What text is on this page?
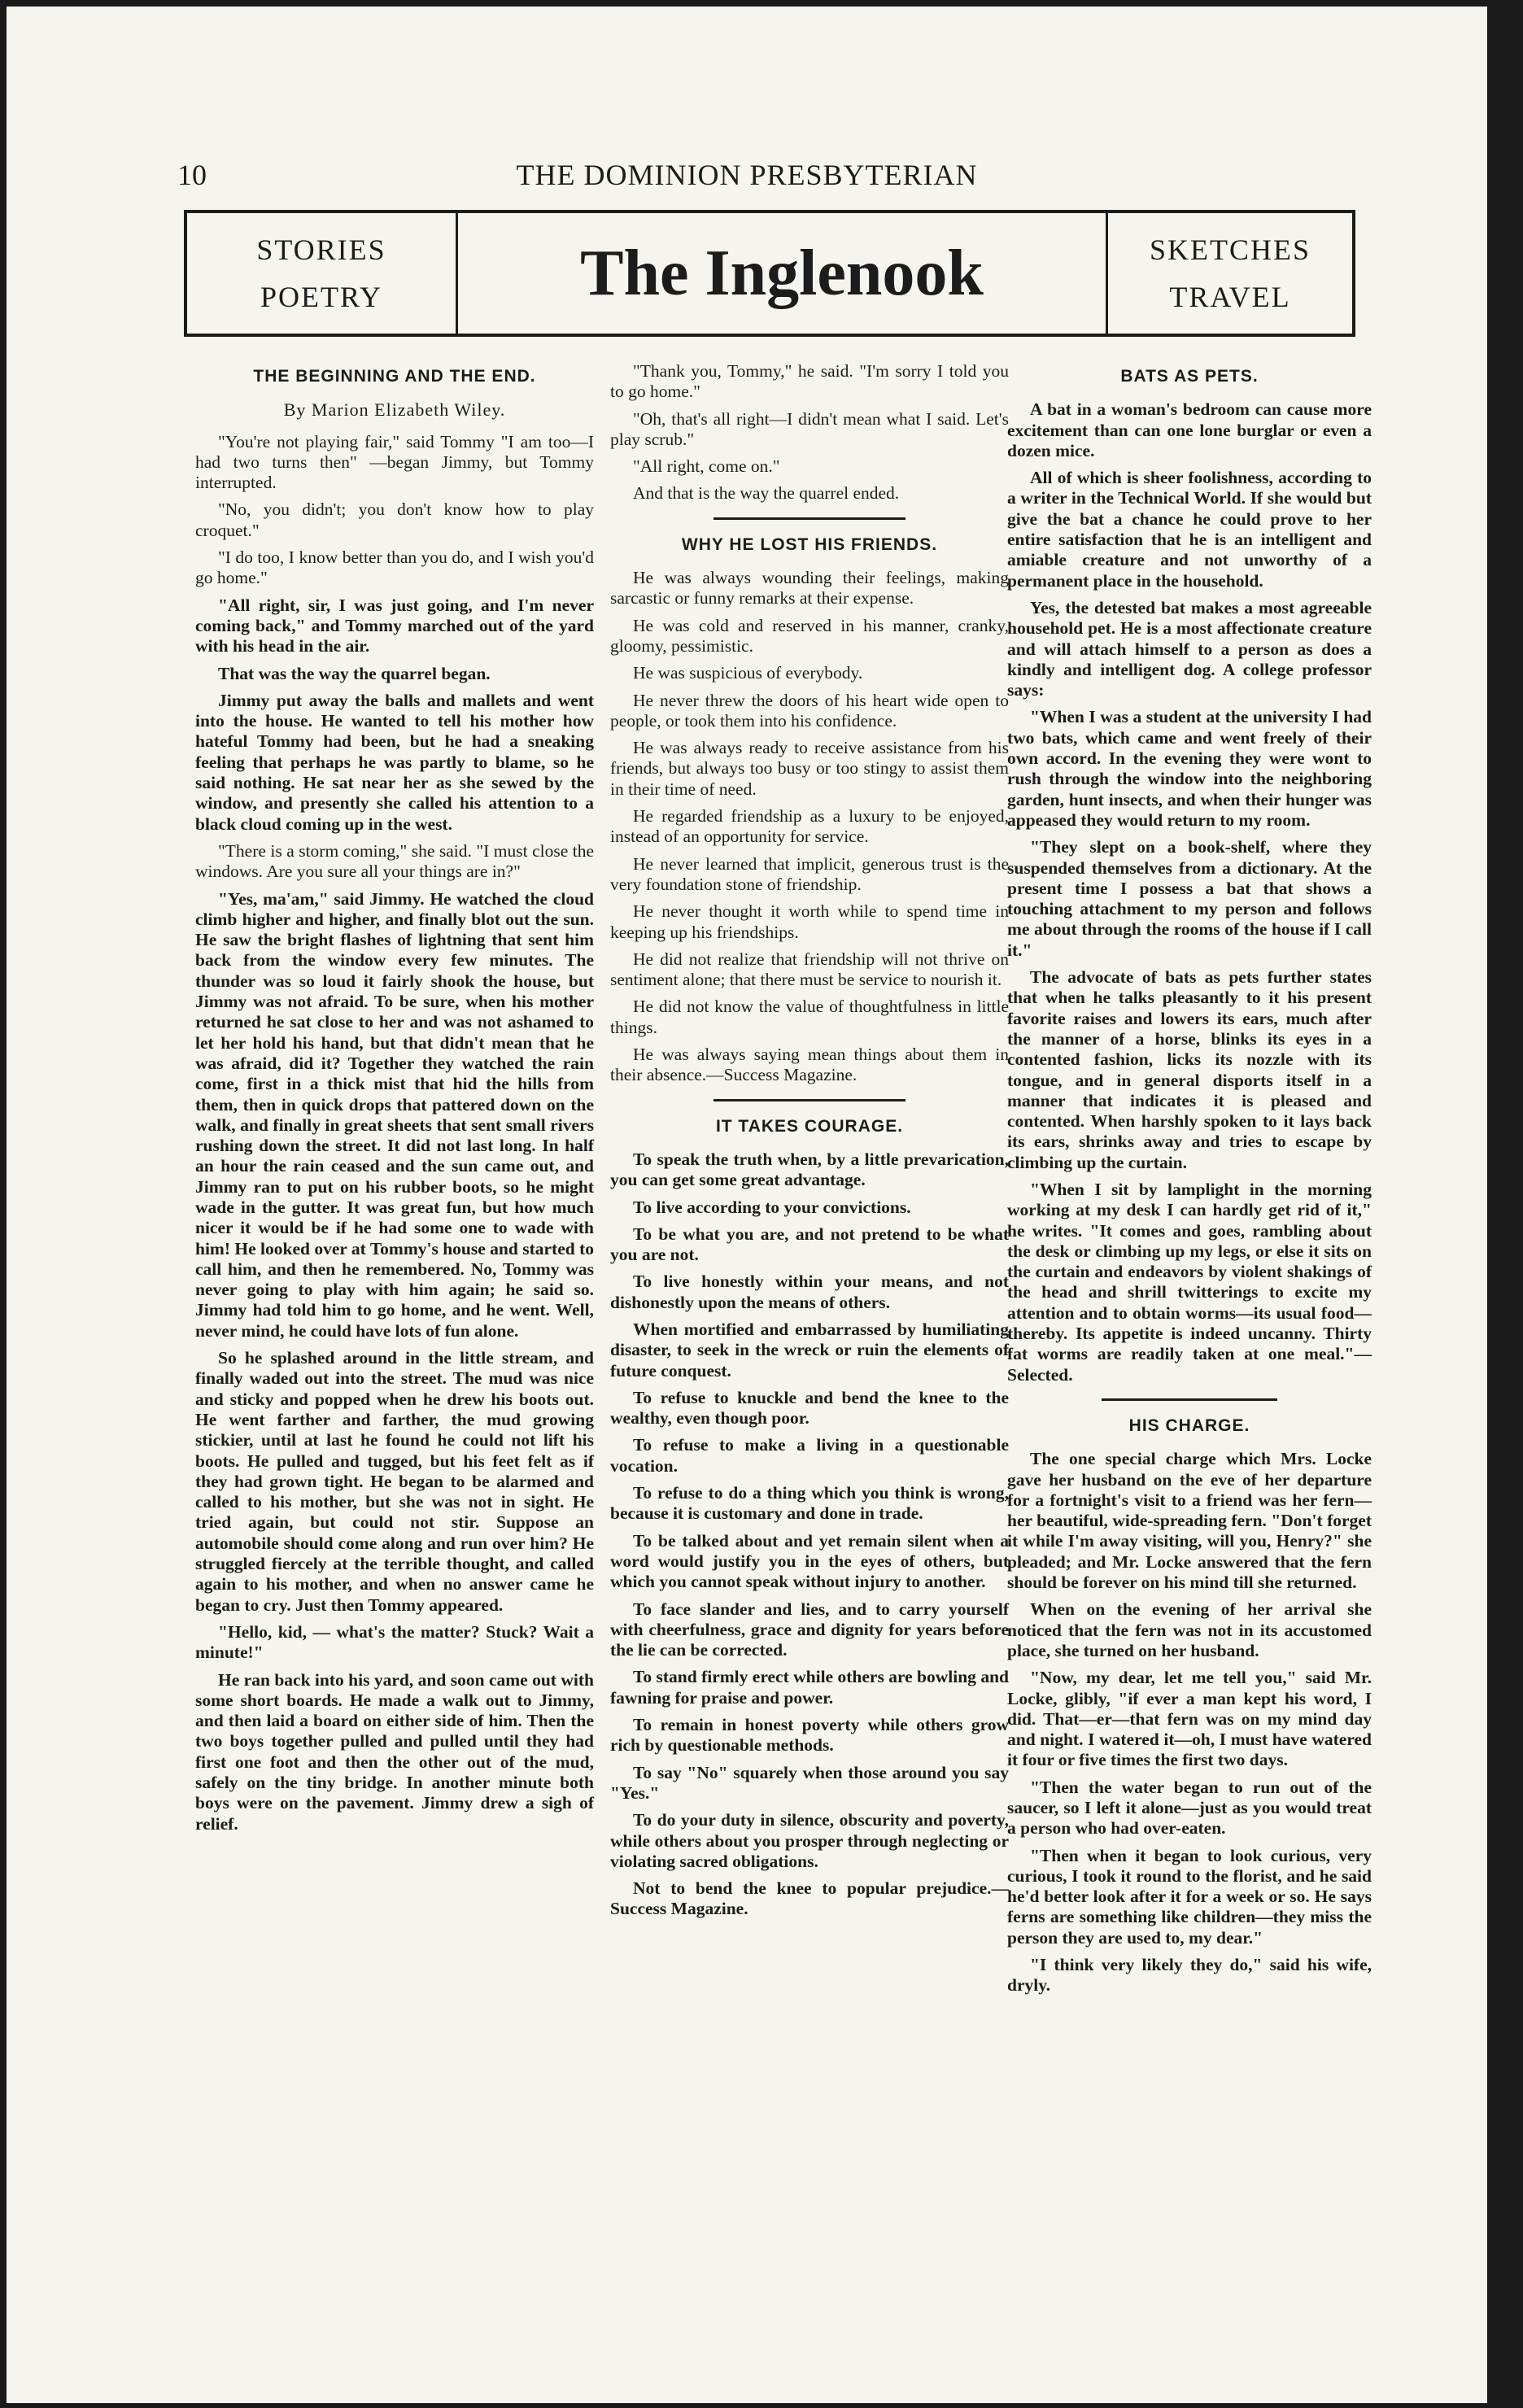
10	THE DOMINION PRESBYTERIAN
STORIES
POETRY	The Inglenook	SKETCHES
TRAVEL
THE BEGINNING AND THE END.

By Marion Elizabeth Wiley.

"You're not playing fair," said Tommy "I am too—I had two turns then" —began Jimmy, but Tommy interrupted.

"No, you didn't; you don't know how to play croquet."

"I do too, I know better than you do, and I wish you'd go home."

"All right, sir, I was just going, and I'm never coming back," and Tommy marched out of the yard with his head in the air.

That was the way the quarrel began.

Jimmy put away the balls and mallets and went into the house. He wanted to tell his mother how hateful Tommy had been, but he had a sneaking feeling that perhaps he was partly to blame, so he said nothing. He sat near her as she sewed by the window, and presently she called his attention to a black cloud coming up in the west.

"There is a storm coming," she said. "I must close the windows. Are you sure all your things are in?"

"Yes, ma'am," said Jimmy. He watched the cloud climb higher and higher, and finally blot out the sun. He saw the bright flashes of lightning that sent him back from the window every few minutes. The thunder was so loud it fairly shook the house, but Jimmy was not afraid. To be sure, when his mother returned he sat close to her and was not ashamed to let her hold his hand, but that didn't mean that he was afraid, did it? Together they watched the rain come, first in a thick mist that hid the hills from them, then in quick drops that pattered down on the walk, and finally in great sheets that sent small rivers rushing down the street. It did not last long. In half an hour the rain ceased and the sun came out, and Jimmy ran to put on his rubber boots, so he might wade in the gutter. It was great fun, but how much nicer it would be if he had some one to wade with him! He looked over at Tommy's house and started to call him, and then he remembered. No, Tommy was never going to play with him again; he said so. Jimmy had told him to go home, and he went. Well, never mind, he could have lots of fun alone.

So he splashed around in the little stream, and finally waded out into the street. The mud was nice and sticky and popped when he drew his boots out. He went farther and farther, the mud growing stickier, until at last he found he could not lift his boots. He pulled and tugged, but his feet felt as if they had grown tight. He began to be alarmed and called to his mother, but she was not in sight. He tried again, but could not stir. Suppose an automobile should come along and run over him? He struggled fiercely at the terrible thought, and called again to his mother, and when no answer came he began to cry. Just then Tommy appeared.

"Hello, kid, — what's the matter? Stuck? Wait a minute!"

He ran back into his yard, and soon came out with some short boards. He made a walk out to Jimmy, and then laid a board on either side of him. Then the two boys together pulled and pulled until they had first one foot and then the other out of the mud, safely on the tiny bridge. In another minute both boys were on the pavement. Jimmy drew a sigh of relief.

"Thank you, Tommy," he said. "I'm sorry I told you to go home."

"Oh, that's all right—I didn't mean what I said. Let's play scrub."

"All right, come on."

And that is the way the quarrel ended.

WHY HE LOST HIS FRIENDS.

He was always wounding their feelings, making sarcastic or funny remarks at their expense.

He was cold and reserved in his manner, cranky, gloomy, pessimistic.

He was suspicious of everybody.

He never threw the doors of his heart wide open to people, or took them into his confidence.

He was always ready to receive assistance from his friends, but always too busy or too stingy to assist them in their time of need.

He regarded friendship as a luxury to be enjoyed, instead of an opportunity for service.

He never learned that implicit, generous trust is the very foundation stone of friendship.

He never thought it worth while to spend time in keeping up his friendships.

He did not realize that friendship will not thrive on sentiment alone; that there must be service to nourish it.

He did not know the value of thoughtfulness in little things.

He was always saying mean things about them in their absence.—Success Magazine.

IT TAKES COURAGE.

To speak the truth when, by a little prevarication, you can get some great advantage.

To live according to your convictions.

To be what you are, and not pretend to be what you are not.

To live honestly within your means, and not dishonestly upon the means of others.

When mortified and embarrassed by humiliating disaster, to seek in the wreck or ruin the elements of future conquest.

To refuse to knuckle and bend the knee to the wealthy, even though poor.

To refuse to make a living in a questionable vocation.

To refuse to do a thing which you think is wrong, because it is customary and done in trade.

To be talked about and yet remain silent when a word would justify you in the eyes of others, but which you cannot speak without injury to another.

To face slander and lies, and to carry yourself with cheerfulness, grace and dignity for years before the lie can be corrected.

To stand firmly erect while others are bowling and fawning for praise and power.

To remain in honest poverty while others grow rich by questionable methods.

To say "No" squarely when those around you say "Yes."

To do your duty in silence, obscurity and poverty, while others about you prosper through neglecting or violating sacred obligations.

Not to bend the knee to popular prejudice.—Success Magazine.

BATS AS PETS.

A bat in a woman's bedroom can cause more excitement than can one lone burglar or even a dozen mice.

All of which is sheer foolishness, according to a writer in the Technical World. If she would but give the bat a chance he could prove to her entire satisfaction that he is an intelligent and amiable creature and not unworthy of a permanent place in the household.

Yes, the detested bat makes a most agreeable household pet. He is a most affectionate creature and will attach himself to a person as does a kindly and intelligent dog. A college professor says:

"When I was a student at the university I had two bats, which came and went freely of their own accord. In the evening they were wont to rush through the window into the neighboring garden, hunt insects, and when their hunger was appeased they would return to my room.

"They slept on a book-shelf, where they suspended themselves from a dictionary. At the present time I possess a bat that shows a touching attachment to my person and follows me about through the rooms of the house if I call it."

The advocate of bats as pets further states that when he talks pleasantly to it his present favorite raises and lowers its ears, much after the manner of a horse, blinks its eyes in a contented fashion, licks its nozzle with its tongue, and in general disports itself in a manner that indicates it is pleased and contented. When harshly spoken to it lays back its ears, shrinks away and tries to escape by climbing up the curtain.

"When I sit by lamplight in the morning working at my desk I can hardly get rid of it," he writes. "It comes and goes, rambling about the desk or climbing up my legs, or else it sits on the curtain and endeavors by violent shakings of the head and shrill twitterings to excite my attention and to obtain worms—its usual food—thereby. Its appetite is indeed uncanny. Thirty fat worms are readily taken at one meal."—Selected.

HIS CHARGE.

The one special charge which Mrs. Locke gave her husband on the eve of her departure for a fortnight's visit to a friend was her fern—her beautiful, wide-spreading fern. "Don't forget it while I'm away visiting, will you, Henry?" she pleaded; and Mr. Locke answered that the fern should be forever on his mind till she returned.

When on the evening of her arrival she noticed that the fern was not in its accustomed place, she turned on her husband.

"Now, my dear, let me tell you," said Mr. Locke, glibly, "if ever a man kept his word, I did. That—er—that fern was on my mind day and night. I watered it—oh, I must have watered it four or five times the first two days.

"Then the water began to run out of the saucer, so I left it alone—just as you would treat a person who had over-eaten.

"Then when it began to look curious, very curious, I took it round to the florist, and he said he'd better look after it for a week or so. He says ferns are something like children—they miss the person they are used to, my dear."

"I think very likely they do," said his wife, dryly.
